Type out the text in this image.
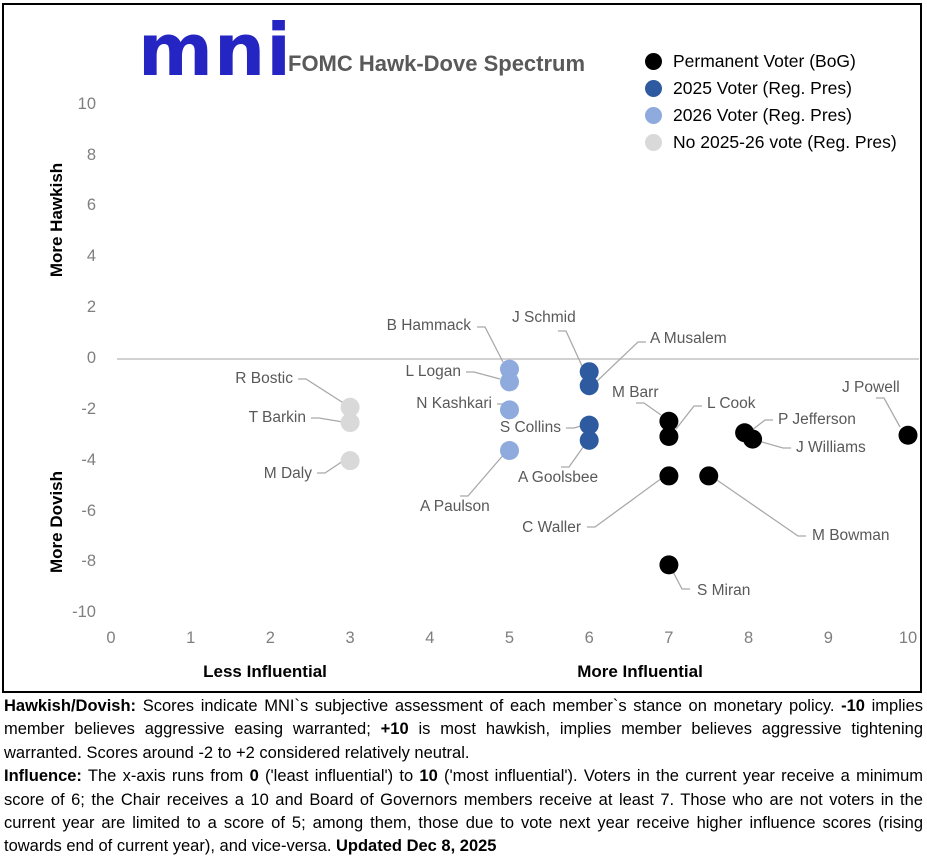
mni
FOMC Hawk-Dove Spectrum	Permanent Voter (BoG)
2025 Voter (Reg. Pres)
2026 Voter (Reg. Pres)
No 2025-26 vote (Reg. Pres)
More Hawkish
More Dovish
10
8
6
4
2
0
-2
-4
-6
-8
-10
0	1	2	3	4	5	6	7	8	9	10
R Bostic
T Barkin
M Daly
B Hammack
L Logan
N Kashkari
A Paulson
J Schmid
A Musalem
S Collins
A Goolsbee
M Barr
L Cook
P Jefferson
J Williams
J Powell
C Waller	M Bowman
S Miran
Less Influential	More Influential

Hawkish/Dovish: Scores indicate MNI`s subjective assessment of each member`s stance on monetary policy. -10 implies member believes aggressive easing warranted; +10 is most hawkish, implies member believes aggressive tightening warranted. Scores around -2 to +2 considered relatively neutral.

Influence: The x-axis runs from 0 ('least influential') to 10 ('most influential'). Voters in the current year receive a minimum score of 6; the Chair receives a 10 and Board of Governors members receive at least 7. Those who are not voters in the current year are limited to a score of 5; among them, those due to vote next year receive higher influence scores (rising towards end of current year), and vice-versa. Updated Dec 8, 2025
